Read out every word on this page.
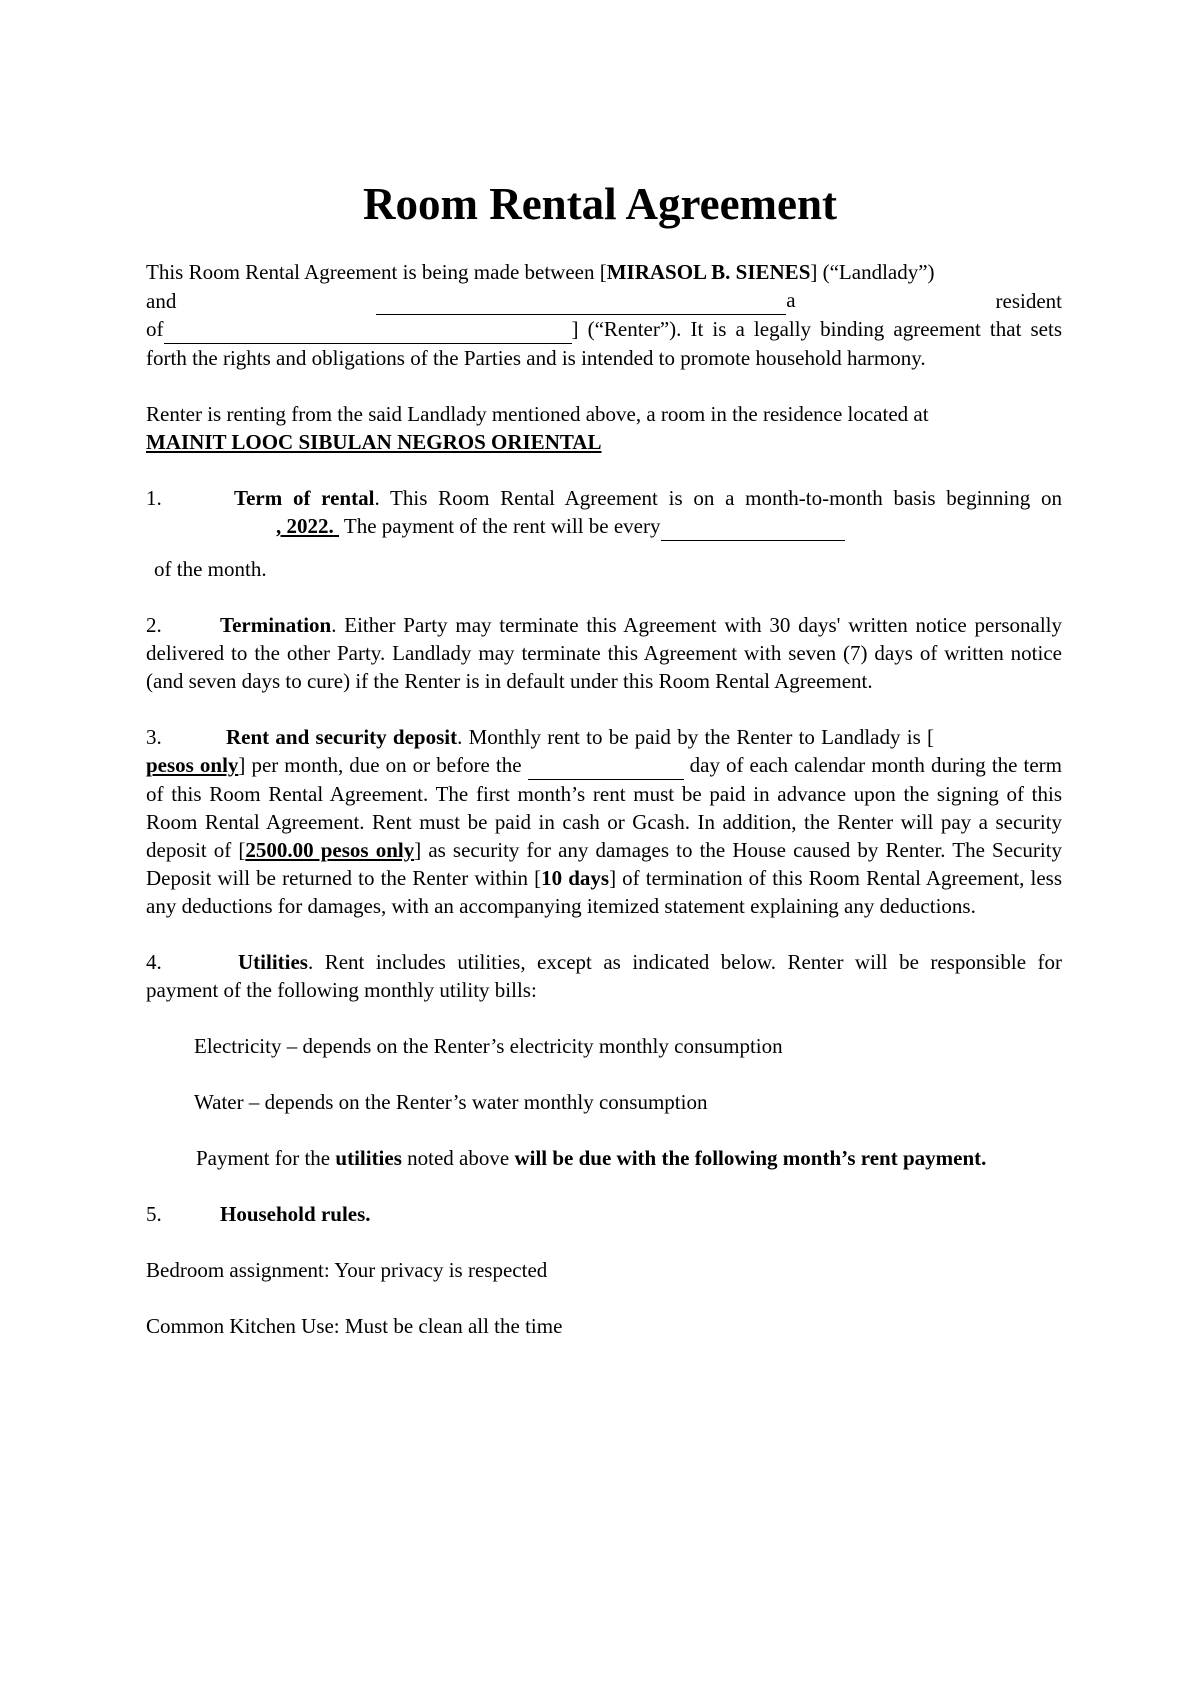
Room Rental Agreement

This Room Rental Agreement is being made between [MIRASOL B. SIENES] (“Landlady”)

and	a	resident
of	] (“Renter”). It is a legally binding agreement that sets forth the rights and obligations of the Parties and is intended to promote household harmony.

Renter is renting from the said Landlady mentioned above, a room in the residence located at
MAINIT LOOC SIBULAN NEGROS ORIENTAL

1.	Term of rental. This Room Rental Agreement is on a month-to-month basis beginning on  , 2022.  The payment of the rent will be every

of the month.

2.	Termination. Either Party may terminate this Agreement with 30 days' written notice personally delivered to the other Party. Landlady may terminate this Agreement with seven (7) days of written notice (and seven days to cure) if the Renter is in default under this Room Rental Agreement.

3.	Rent and security deposit. Monthly rent to be paid by the Renter to Landlady is [ pesos only] per month, due on or before the	day of each calendar month during the term of this Room Rental Agreement. The first month’s rent must be paid in advance upon the signing of this Room Rental Agreement. Rent must be paid in cash or Gcash. In addition, the Renter will pay a security deposit of [2500.00 pesos only] as security for any damages to the House caused by Renter. The Security Deposit will be returned to the Renter within [10 days] of termination of this Room Rental Agreement, less any deductions for damages, with an accompanying itemized statement explaining any deductions.

4.	Utilities. Rent includes utilities, except as indicated below. Renter will be responsible for payment of the following monthly utility bills:

Electricity – depends on the Renter’s electricity monthly consumption

Water – depends on the Renter’s water monthly consumption

Payment for the utilities noted above will be due with the following month’s rent payment.

5.	Household rules.

Bedroom assignment: Your privacy is respected

Common Kitchen Use: Must be clean all the time
